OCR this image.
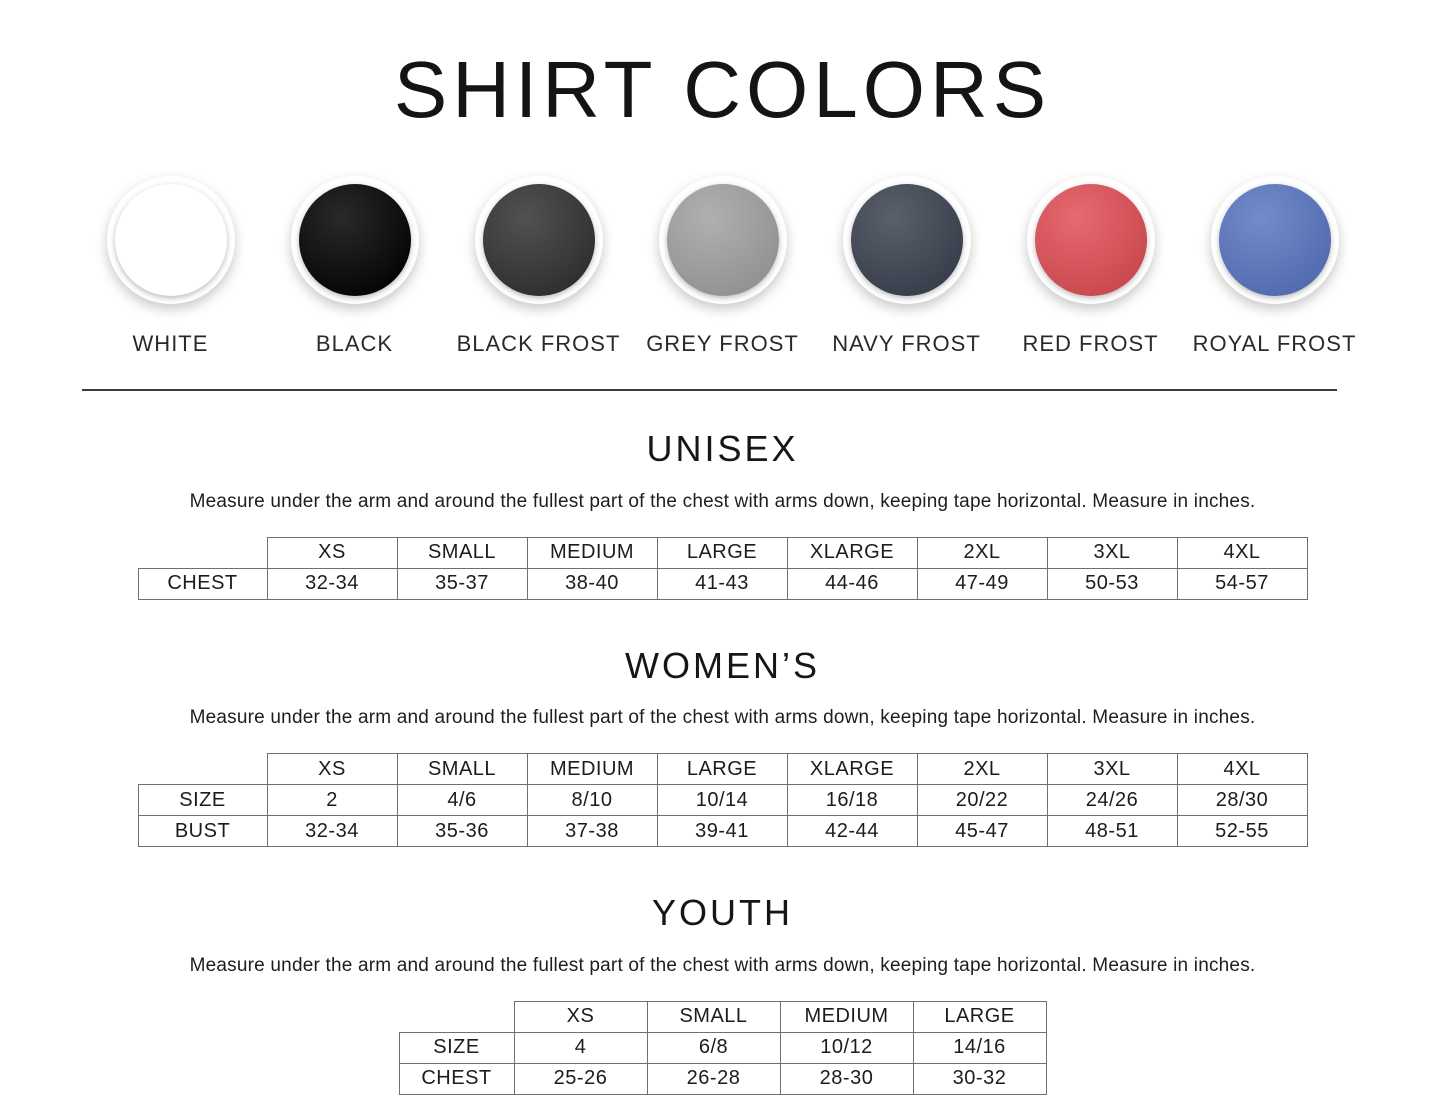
SHIRT COLORS
WHITE	BLACK	BLACK FROST GREY FROST NAVY FROST RED FROST ROYAL FROST
UNISEX

Measure under the arm and around the fullest part of the chest with arms down, keeping tape horizontal. Measure in inches.

	XS	SMALL	MEDIUM	LARGE	XLARGE	2XL	3XL	4XL
CHEST	32-34	35-37	38-40	41-43	44-46	47-49	50-53	54-57
WOMEN’S

Measure under the arm and around the fullest part of the chest with arms down, keeping tape horizontal. Measure in inches.

	XS	SMALL	MEDIUM	LARGE	XLARGE	2XL	3XL	4XL
SIZE	2	4/6	8/10	10/14	16/18	20/22	24/26	28/30
BUST	32-34	35-36	37-38	39-41	42-44	45-47	48-51	52-55
YOUTH

Measure under the arm and around the fullest part of the chest with arms down, keeping tape horizontal. Measure in inches.

	XS	SMALL	MEDIUM	LARGE
SIZE	4	6/8	10/12	14/16
CHEST	25-26	26-28	28-30	30-32
